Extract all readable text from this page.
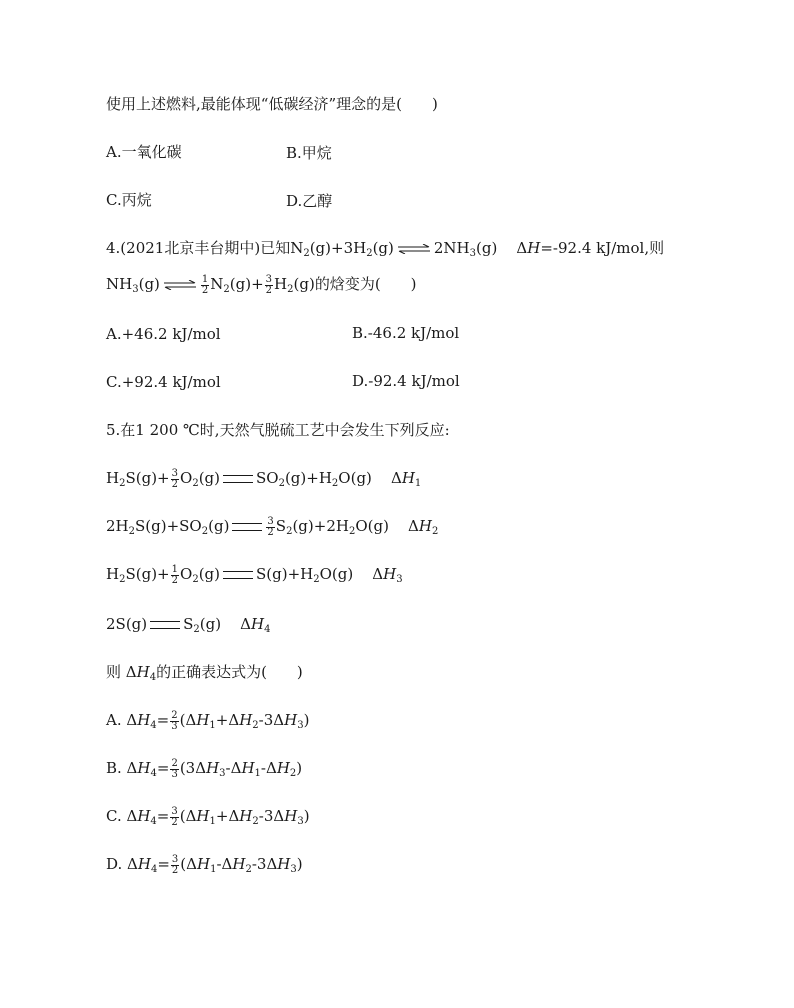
使用上述燃料,最能体现“低碳经济”理念的是(　　)
A.一氧化碳	B.甲烷
C.丙烷	D.乙醇
4.(2021北京丰台期中)已知$N_2(g)+3H_2(g)$ ⇌ $2NH_3(g)$ ΔH=-92.4 kJ/mol,则
$NH_3(g)$ ⇌ $\frac{1}{2} N_2(g)+ \frac{3}{2} H_2(g)$的焓变为(　　)
A.+46.2 kJ/mol	B.-46.2 kJ/mol
C.+92.4 kJ/mol	D.-92.4 kJ/mol
5.在1 200 ℃时,天然气脱硫工艺中会发生下列反应:
$H_2S(g)+ \frac{3}{2} O_2(g)$ $SO_2(g)+H_2O(g)$    $\Delta H_1$
$2H_2S(g)+SO_2(g)$	$\frac{3}{2} S_2(g)+2H_2O(g)$    $\Delta H_2$
$H_2S(g)+ \frac{1}{2} O_2(g)$ $S(g)+H_2O(g)$    $\Delta H_3$
2S(g) $S_2(g)$    $\Delta H_4$
则 $\Delta H_4$的正确表达式为(　　)
A. $\Delta H_4= \frac{2}{3} (\Delta H_1+\Delta H_2-3\Delta H_3)$
B. $\Delta H_4= \frac{2}{3} (3\Delta H_3-\Delta H_1-\Delta H_2)$
C. $\Delta H_4= \frac{3}{2} (\Delta H_1+\Delta H_2-3\Delta H_3)$
D. $\Delta H_4= \frac{3}{2} (\Delta H_1-\Delta H_2-3\Delta H_3)$
